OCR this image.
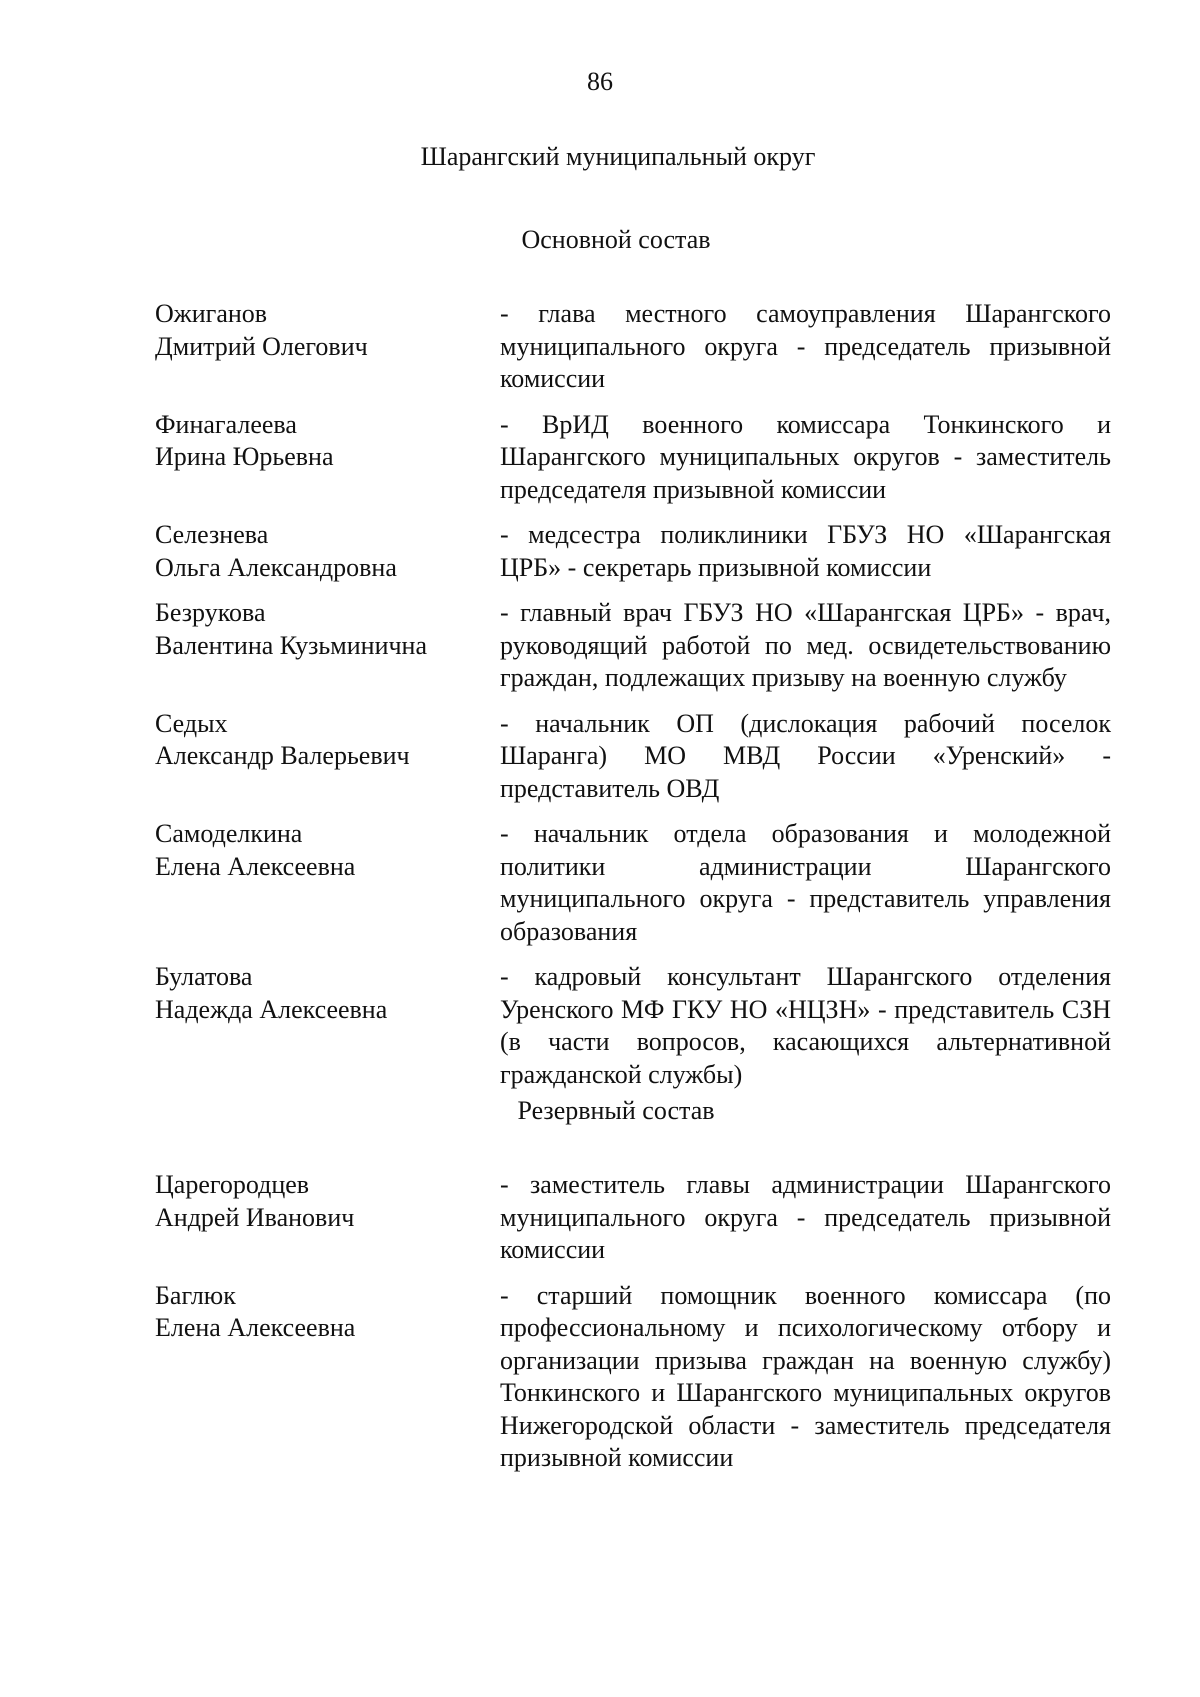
86
Шарангский муниципальный округ
Основной состав
Ожиганов
Дмитрий Олегович
- глава местного самоуправления Шарангского муниципального округа - председатель призывной комиссии
Финагалеева
Ирина Юрьевна
- ВрИД военного комиссара Тонкинского и Шарангского муниципальных округов - заместитель председателя призывной комиссии
Селезнева
Ольга Александровна
- медсестра поликлиники ГБУЗ НО «Шарангская ЦРБ» - секретарь призывной комиссии
Безрукова
Валентина Кузьминична
- главный врач ГБУЗ НО «Шарангская ЦРБ» - врач, руководящий работой по мед. освидетельствованию граждан, подлежащих призыву на военную службу
Седых
Александр Валерьевич
- начальник ОП (дислокация рабочий поселок Шаранга) МО МВД России «Уренский» - представитель ОВД
Самоделкина
Елена Алексеевна
- начальник отдела образования и молодежной политики администрации Шарангского муниципального округа - представитель управления образования
Булатова
Надежда Алексеевна
- кадровый консультант Шарангского отделения Уренского МФ ГКУ НО «НЦЗН» - представитель СЗН (в части вопросов, касающихся альтернативной гражданской службы)
Резервный состав
Царегородцев
Андрей Иванович
- заместитель главы администрации Шарангского муниципального округа - председатель призывной комиссии
Баглюк
Елена Алексеевна
- старший помощник военного комиссара (по профессиональному и психологическому отбору и организации призыва граждан на военную службу) Тонкинского и Шарангского муниципальных округов Нижегородской области - заместитель председателя призывной комиссии
